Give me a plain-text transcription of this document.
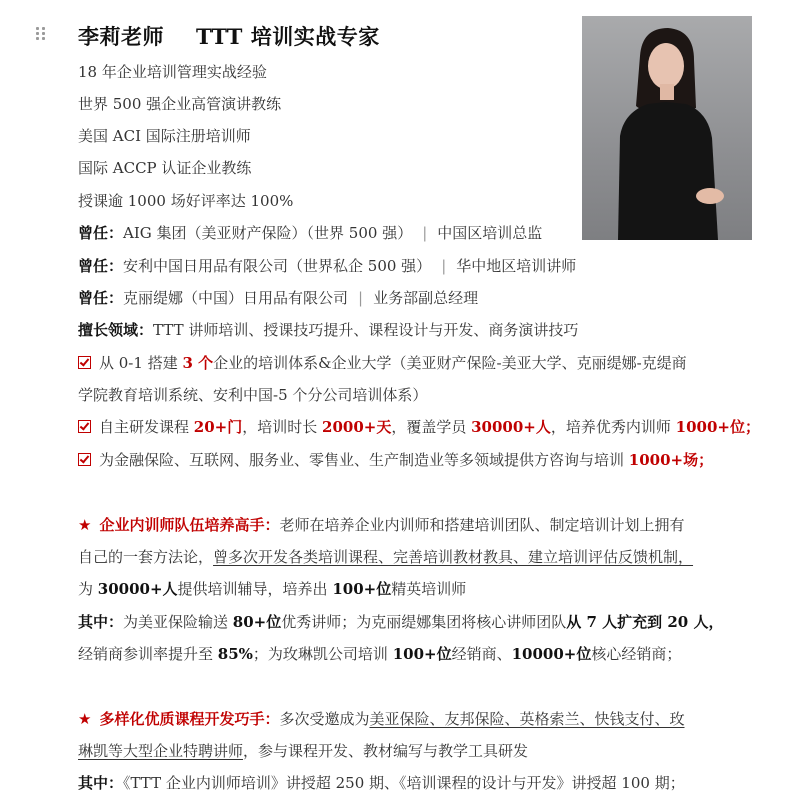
李莉老师 TTT 培训实战专家
18 年企业培训管理实战经验
世界 500 强企业高管演讲教练
美国 ACI 国际注册培训师
国际 ACCP 认证企业教练
授课逾 1000 场好评率达 100%
曾任：AIG 集团（美亚财产保险）（世界 500 强） | 中国区培训总监
曾任：安利中国日用品有限公司（世界私企 500 强） | 华中地区培训讲师
曾任：克丽缇娜（中国）日用品有限公司 | 业务部副总经理
擅长领域：TTT 讲师培训、授课技巧提升、课程设计与开发、商务演讲技巧
从 0-1 搭建 3 个企业的培训体系&企业大学（美亚财产保险-美亚大学、克丽缇娜-克缇商
学院教育培训系统、安利中国-5 个分公司培训体系）
自主研发课程 20+门，培训时长 2000+天，覆盖学员 30000+人，培养优秀内训师 1000+位；
为金融保险、互联网、服务业、零售业、生产制造业等多领域提供方咨询与培训 1000+场；
★ 企业内训师队伍培养高手：老师在培养企业内训师和搭建培训团队、制定培训计划上拥有
自己的一套方法论，曾多次开发各类培训课程、完善培训教材教具、建立培训评估反馈机制，
为 30000+人提供培训辅导，培养出 100+位精英培训师
其中：为美亚保险输送 80+位优秀讲师；为克丽缇娜集团将核心讲师团队从 7 人扩充到 20 人，
经销商参训率提升至 85%；为玫琳凯公司培训 100+位经销商、10000+位核心经销商；
★ 多样化优质课程开发巧手：多次受邀成为美亚保险、友邦保险、英格索兰、快钱支付、玫
琳凯等大型企业特聘讲师，参与课程开发、教材编写与教学工具研发
其中：《TTT 企业内训师培训》讲授超 250 期、《培训课程的设计与开发》讲授超 100 期；
